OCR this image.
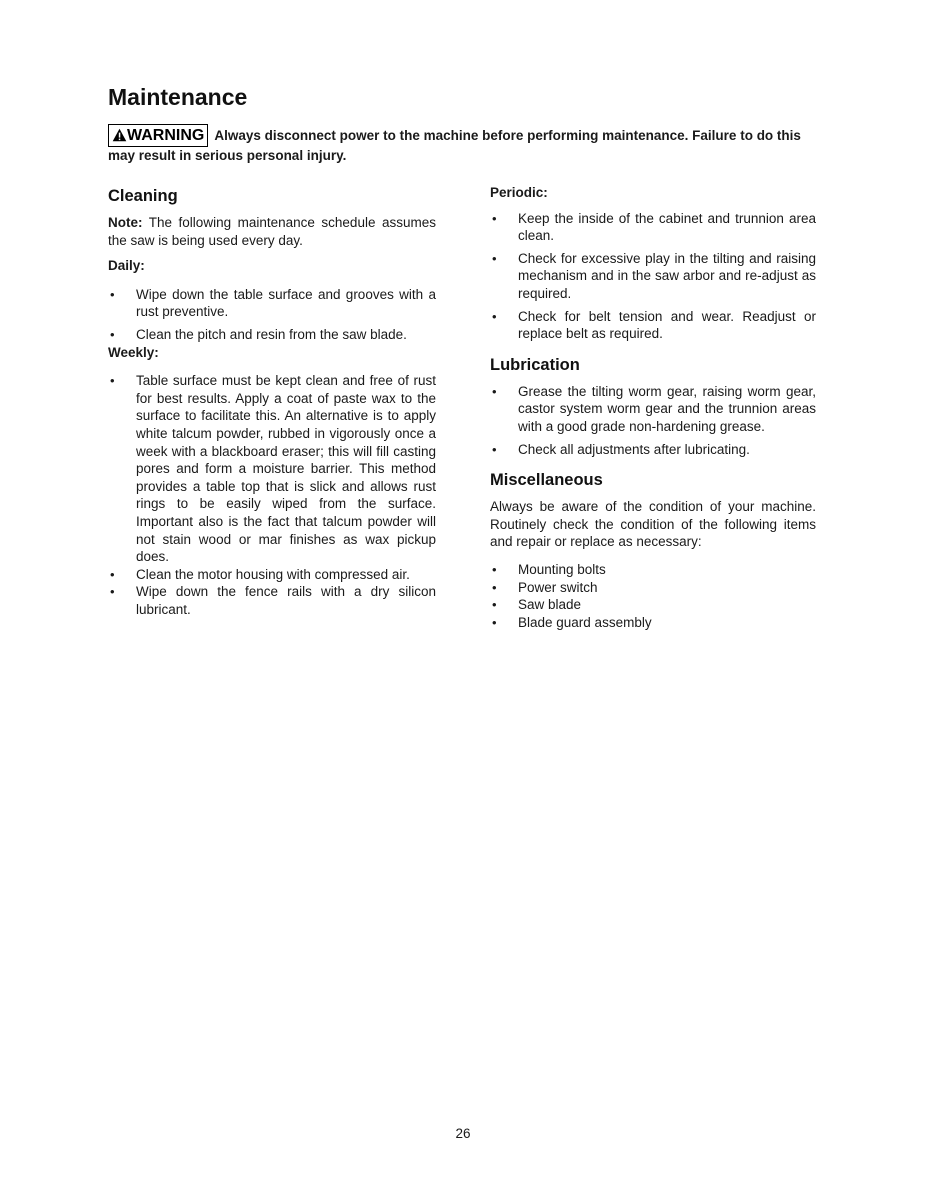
Maintenance
WARNING Always disconnect power to the machine before performing maintenance. Failure to do this may result in serious personal injury.
Cleaning

Note: The following maintenance schedule assumes the saw is being used every day.

Daily:

• Wipe down the table surface and grooves with a rust preventive.
• Clean the pitch and resin from the saw blade.

Weekly:

• Table surface must be kept clean and free of rust for best results. Apply a coat of paste wax to the surface to facilitate this. An alternative is to apply white talcum powder, rubbed in vigorously once a week with a blackboard eraser; this will fill casting pores and form a moisture barrier. This method provides a table top that is slick and allows rust rings to be easily wiped from the surface. Important also is the fact that talcum powder will not stain wood or mar finishes as wax pickup does.
• Clean the motor housing with compressed air.
• Wipe down the fence rails with a dry silicon lubricant.

Periodic:

• Keep the inside of the cabinet and trunnion area clean.
• Check for excessive play in the tilting and raising mechanism and in the saw arbor and re-adjust as required.
• Check for belt tension and wear. Readjust or replace belt as required.
Lubrication
• Grease the tilting worm gear, raising worm gear, castor system worm gear and the trunnion areas with a good grade non-hardening grease.
• Check all adjustments after lubricating.
Miscellaneous

Always be aware of the condition of your machine. Routinely check the condition of the following items and repair or replace as necessary:

• Mounting bolts
• Power switch
• Saw blade
• Blade guard assembly
26
